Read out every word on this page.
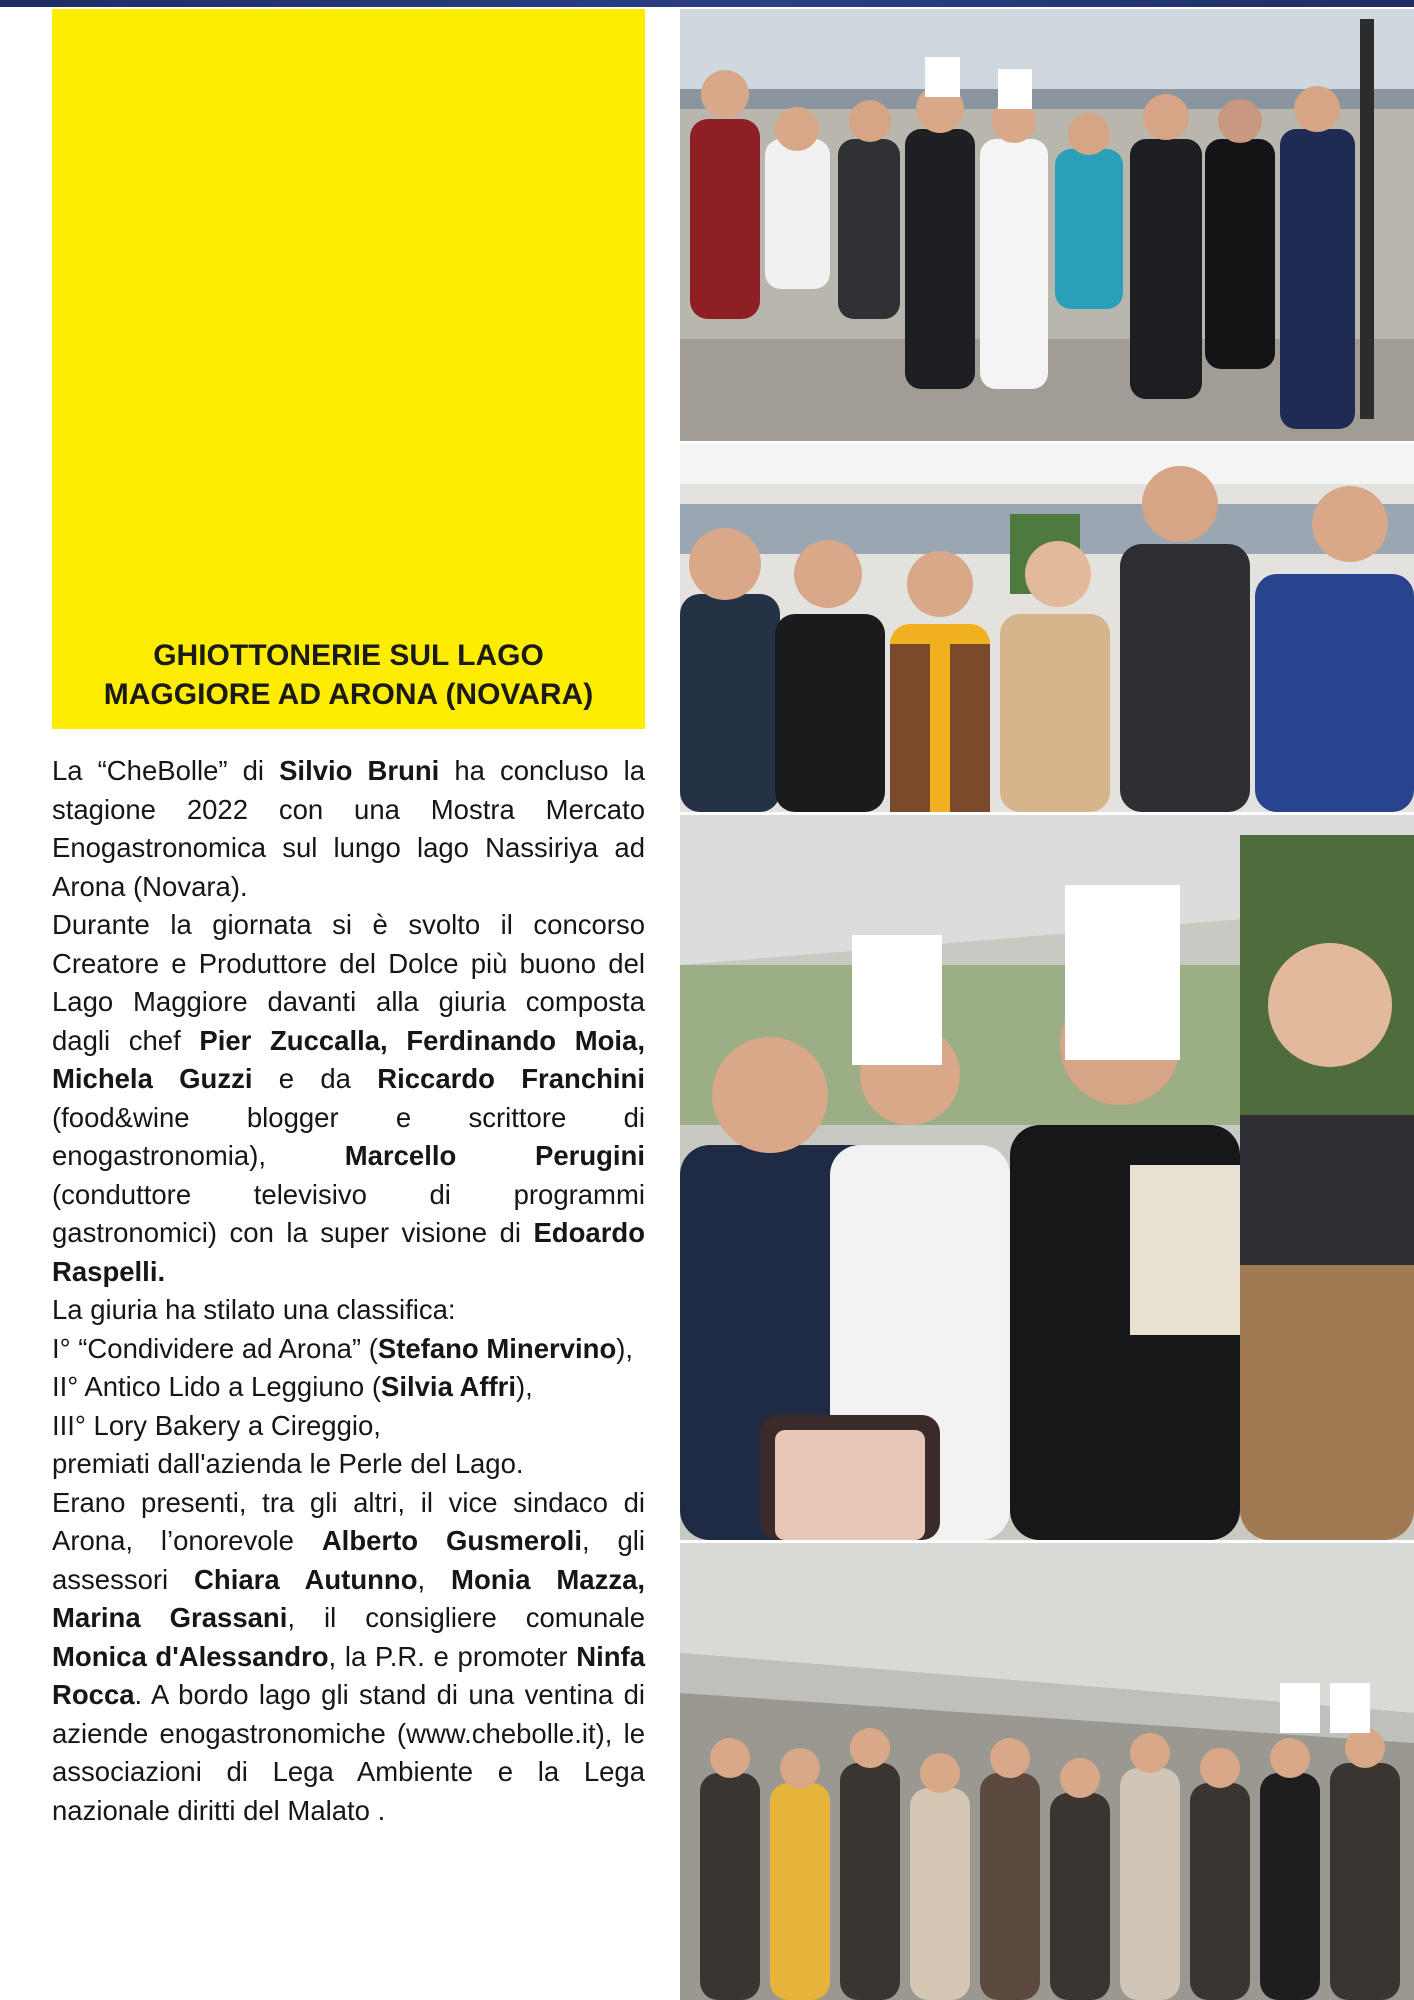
GHIOTTONERIE SUL LAGO
MAGGIORE AD ARONA (NOVARA)

La “CheBolle” di Silvio Bruni ha concluso la stagione 2022 con una Mostra Mercato Enogastronomica sul lungo lago Nassiriya ad Arona (Novara).

Durante la giornata si è svolto il concorso Creatore e Produttore del Dolce più buono del Lago Maggiore davanti alla giuria composta dagli chef Pier Zuccalla, Ferdinando Moia, Michela Guzzi e da Riccardo Franchini (food&wine blogger e scrittore di enogastronomia), Marcello Perugini (conduttore televisivo di programmi gastronomici) con la super visione di Edoardo Raspelli.

La giuria ha stilato una classifica:

I° “Condividere ad Arona” (Stefano Minervino),

II° Antico Lido a Leggiuno (Silvia Affri),

III° Lory Bakery a Cireggio,

premiati dall'azienda le Perle del Lago.

Erano presenti, tra gli altri, il vice sindaco di Arona, l’onorevole Alberto Gusmeroli, gli assessori Chiara Autunno, Monia Mazza, Marina Grassani, il consigliere comunale Monica d'Alessandro, la P.R. e promoter Ninfa Rocca. A bordo lago gli stand di una ventina di aziende enogastronomiche (www.chebolle.it), le associazioni di Lega Ambiente e la Lega nazionale diritti del Malato .
